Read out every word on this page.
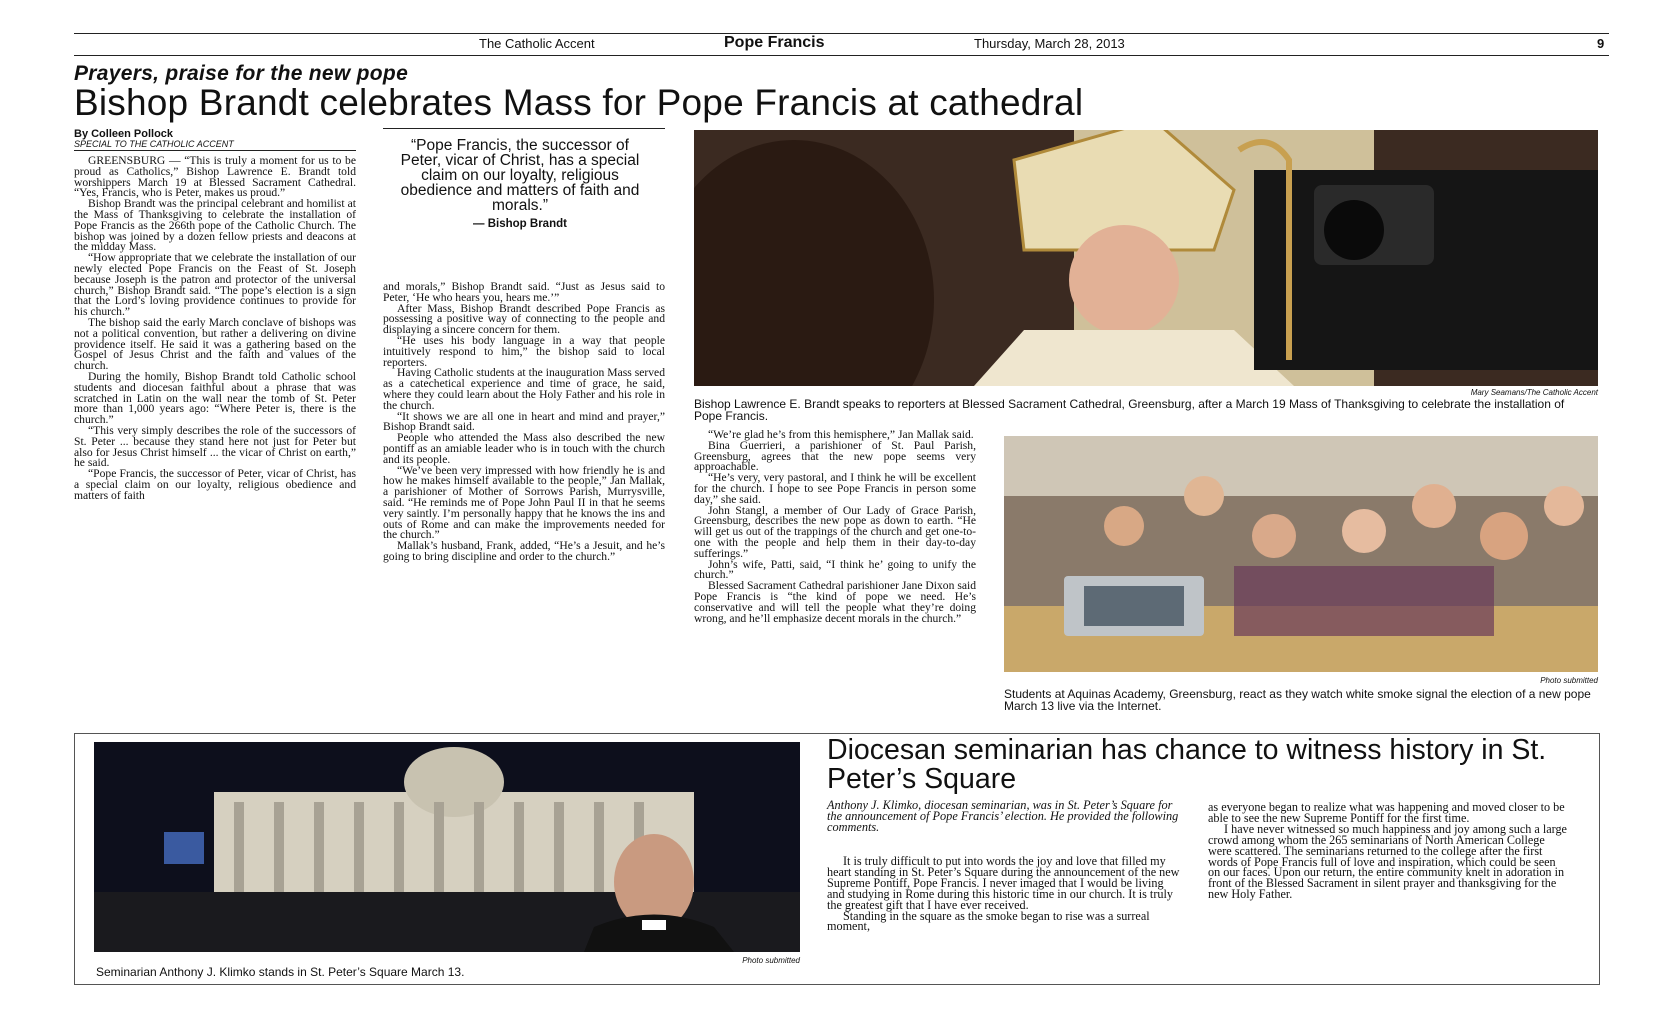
The Catholic Accent	Pope Francis	Thursday, March 28, 2013	9
Prayers, praise for the new pope
Bishop Brandt celebrates Mass for Pope Francis at cathedral
By Colleen Pollock
SPECIAL TO THE CATHOLIC ACCENT

GREENSBURG — “This is truly a moment for us to be proud as Catholics,” Bishop Lawrence E. Brandt told worshippers March 19 at Blessed Sacrament Cathedral. “Yes, Francis, who is Peter, makes us proud.”

Bishop Brandt was the principal celebrant and homilist at the Mass of Thanksgiving to celebrate the installation of Pope Francis as the 266th pope of the Catholic Church. The bishop was joined by a dozen fellow priests and deacons at the midday Mass.

“How appropriate that we celebrate the installation of our newly elected Pope Francis on the Feast of St. Joseph because Joseph is the patron and protector of the universal church,” Bishop Brandt said. “The pope’s election is a sign that the Lord’s loving providence continues to provide for his church.”

The bishop said the early March conclave of bishops was not a political convention, but rather a delivering on divine providence itself. He said it was a gathering based on the Gospel of Jesus Christ and the faith and values of the church.

During the homily, Bishop Brandt told Catholic school students and diocesan faithful about a phrase that was scratched in Latin on the wall near the tomb of St. Peter more than 1,000 years ago: “Where Peter is, there is the church.”

“This very simply describes the role of the successors of St. Peter ... because they stand here not just for Peter but also for Jesus Christ himself ... the vicar of Christ on earth,” he said.

“Pope Francis, the successor of Peter, vicar of Christ, has a special claim on our loyalty, religious obedience and matters of faith

“Pope Francis, the successor of Peter, vicar of Christ, has a special claim on our loyalty, religious obedience and matters of faith and morals.”
— Bishop Brandt

and morals,” Bishop Brandt said. “Just as Jesus said to Peter, ‘He who hears you, hears me.’”

After Mass, Bishop Brandt described Pope Francis as possessing a positive way of connecting to the people and displaying a sincere concern for them.

“He uses his body language in a way that people intuitively respond to him,” the bishop said to local reporters.

Having Catholic students at the inauguration Mass served as a catechetical experience and time of grace, he said, where they could learn about the Holy Father and his role in the church.

“It shows we are all one in heart and mind and prayer,” Bishop Brandt said.

People who attended the Mass also described the new pontiff as an amiable leader who is in touch with the church and its people.

“We’ve been very impressed with how friendly he is and how he makes himself available to the people,” Jan Mallak, a parishioner of Mother of Sorrows Parish, Murrysville, said. “He reminds me of Pope John Paul II in that he seems very saintly. I’m personally happy that he knows the ins and outs of Rome and can make the improvements needed for the church.”

Mallak’s husband, Frank, added, “He’s a Jesuit, and he’s going to bring discipline and order to the church.”

Mary Seamans/The Catholic Accent
Bishop Lawrence E. Brandt speaks to reporters at Blessed Sacrament Cathedral, Greensburg, after a March 19 Mass of Thanksgiving to celebrate the installation of Pope Francis.

“We’re glad he’s from this hemisphere,” Jan Mallak said.

Bina Guerrieri, a parishioner of St. Paul Parish, Greensburg, agrees that the new pope seems very approachable.

“He’s very, very pastoral, and I think he will be excellent for the church. I hope to see Pope Francis in person some day,” she said.

John Stangl, a member of Our Lady of Grace Parish, Greensburg, describes the new pope as down to earth. “He will get us out of the trappings of the church and get one-to-one with the people and help them in their day-to-day sufferings.”

John’s wife, Patti, said, “I think he’ going to unify the church.”

Blessed Sacrament Cathedral parishioner Jane Dixon said Pope Francis is “the kind of pope we need. He’s conservative and will tell the people what they’re doing wrong, and he’ll emphasize decent morals in the church.”

Photo submitted
Students at Aquinas Academy, Greensburg, react as they watch white smoke signal the election of a new pope March 13 live via the Internet.
Photo submitted
Seminarian Anthony J. Klimko stands in St. Peter’s Square March 13.
Diocesan seminarian has chance to witness history in St. Peter’s Square
Anthony J. Klimko, diocesan seminarian, was in St. Peter’s Square for the announcement of Pope Francis’ election. He provided the following comments.

It is truly difficult to put into words the joy and love that filled my heart standing in St. Peter’s Square during the announcement of the new Supreme Pontiff, Pope Francis. I never imaged that I would be living and studying in Rome during this historic time in our church. It is truly the greatest gift that I have ever received.

Standing in the square as the smoke began to rise was a surreal moment,

as everyone began to realize what was happening and moved closer to be able to see the new Supreme Pontiff for the first time.

I have never witnessed so much happiness and joy among such a large crowd among whom the 265 seminarians of North American College were scattered. The seminarians returned to the college after the first words of Pope Francis full of love and inspiration, which could be seen on our faces. Upon our return, the entire community knelt in adoration in front of the Blessed Sacrament in silent prayer and thanksgiving for the new Holy Father.
